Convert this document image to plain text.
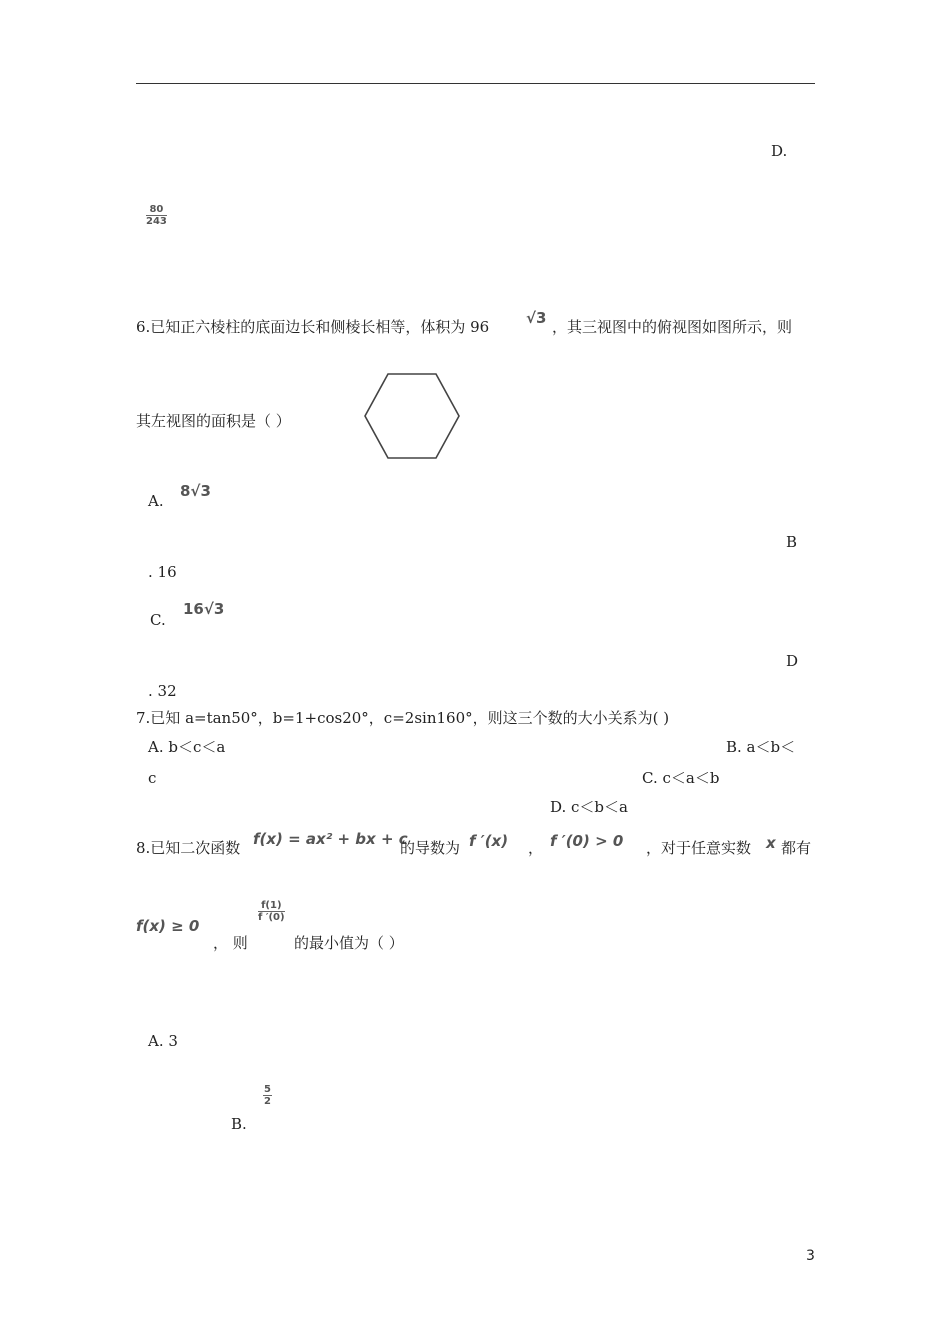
D.
$\frac{80}{243}$
6.已知正六棱柱的底面边长和侧棱长相等，体积为 96 √3 ，其三视图中的俯视图如图所示，则
其左视图的面积是（ ）
A.
8√3
B
. 16
C.
16√3
D
. 32
7.已知 a=tan50°，b=1+cos20°，c=2sin160°，则这三个数的大小关系为( )
A. b＜c＜a	B. a＜b＜
c	C. c＜a＜b
D. c＜b＜a
8.已知二次函数 f(x) = ax² + bx + c
的导数为 f ′(x) ， f ′(0) > 0 ，对于任意实数 x 都有
f(x) ≥ 0
， 则
$\frac{f(1)}{f '(0)}$
的最小值为（ ）
A. 3
$\frac{5}{2}$
B.
3
